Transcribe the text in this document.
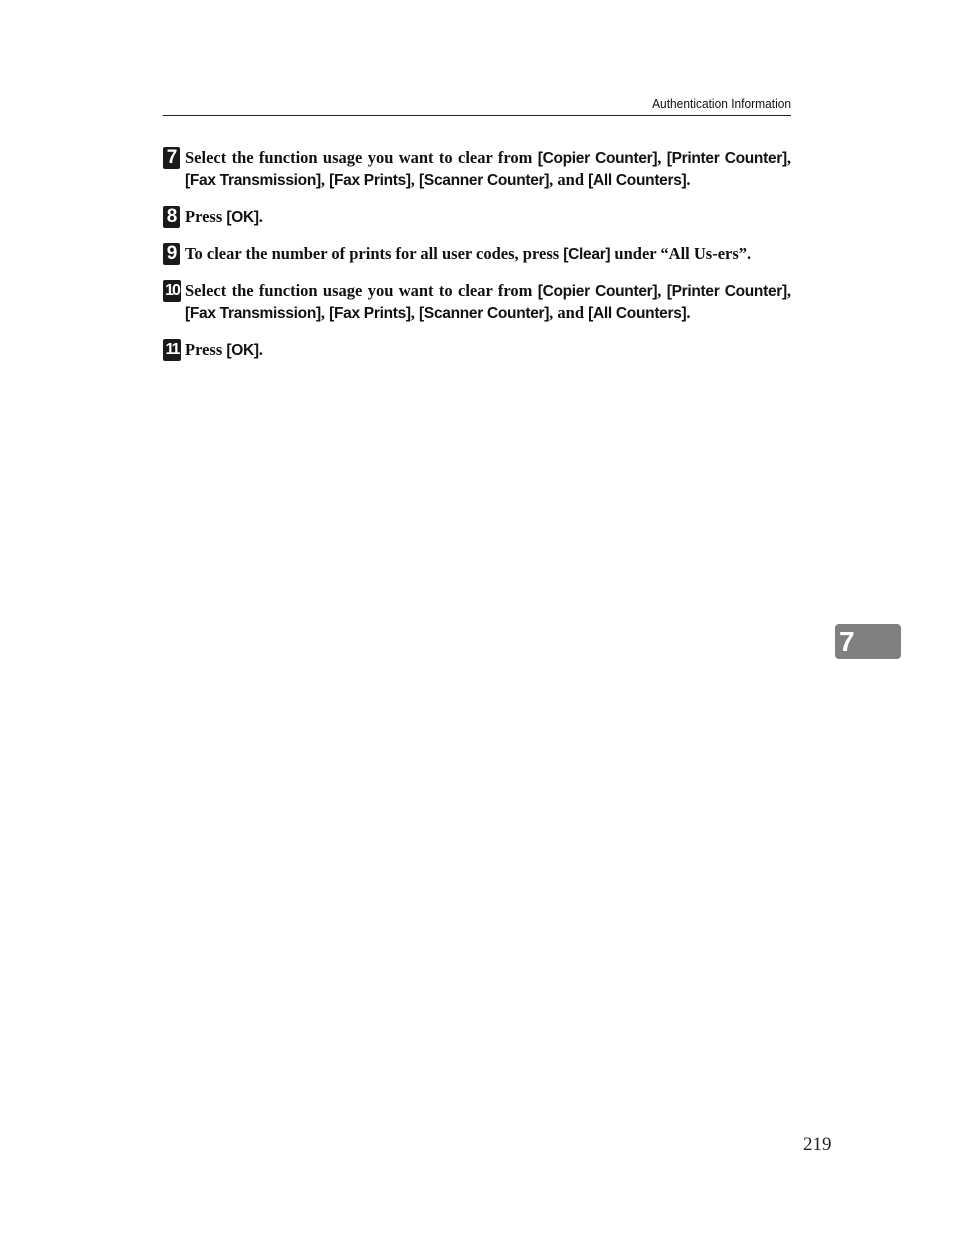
Authentication Information
7 Select the function usage you want to clear from [Copier Counter], [Printer Counter], [Fax Transmission], [Fax Prints], [Scanner Counter], and [All Counters].

8 Press [OK].

9 To clear the number of prints for all user codes, press [Clear] under “All Us-ers”.

10 Select the function usage you want to clear from [Copier Counter], [Printer Counter], [Fax Transmission], [Fax Prints], [Scanner Counter], and [All Counters].

11 Press [OK].

7
219
